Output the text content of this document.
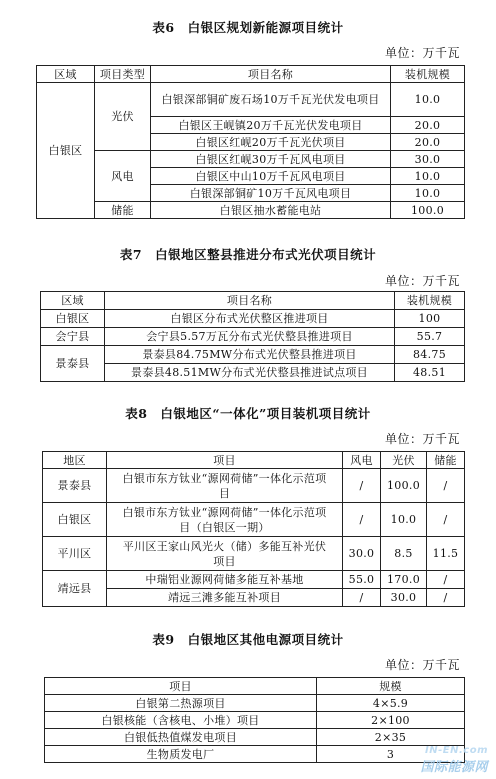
表6　白银区规划新能源项目统计
单位：万千瓦
区域	项目类型	项目名称	装机规模
白银区	光伏	白银深部铜矿废石场10万千瓦光伏发电项目	10.0
		白银区王岘镇20万千瓦光伏发电项目	20.0
		白银区红岘20万千瓦光伏项目	20.0
	风电	白银区红岘30万千瓦风电项目	30.0
		白银区中山10万千瓦风电项目	10.0
		白银深部铜矿10万千瓦风电项目	10.0
	储能	白银区抽水蓄能电站	100.0
表7　白银地区整县推进分布式光伏项目统计
单位：万千瓦
区域	项目名称	装机规模
白银区	白银区分布式光伏整区推进项目	100
会宁县	会宁县5.57万瓦分布式光伏整县推进项目	55.7
景泰县	景泰县84.75MW分布式光伏整县推进项目	84.75
	景泰县48.51MW分布式光伏整县推进试点项目	48.51
表8　白银地区“一体化”项目装机项目统计
单位：万千瓦
地区	项目	风电	光伏	储能
景泰县	白银市东方钛业“源网荷储”一体化示范项目	/	100.0	/
白银区	白银市东方钛业“源网荷储”一体化示范项目（白银区一期）	/	10.0	/
平川区	平川区王家山风光火（储）多能互补光伏项目	30.0	8.5	11.5
靖远县	中瑞铝业源网荷储多能互补基地	55.0	170.0	/
	靖远三滩多能互补项目	/	30.0	/
表9　白银地区其他电源项目统计
单位：万千瓦
项目	规模
白银第二热源项目	4×5.9
白银核能（含核电、小堆）项目	2×100
白银低热值煤发电项目	2×35
生物质发电厂	3	IN-EN.com
国际能源网
